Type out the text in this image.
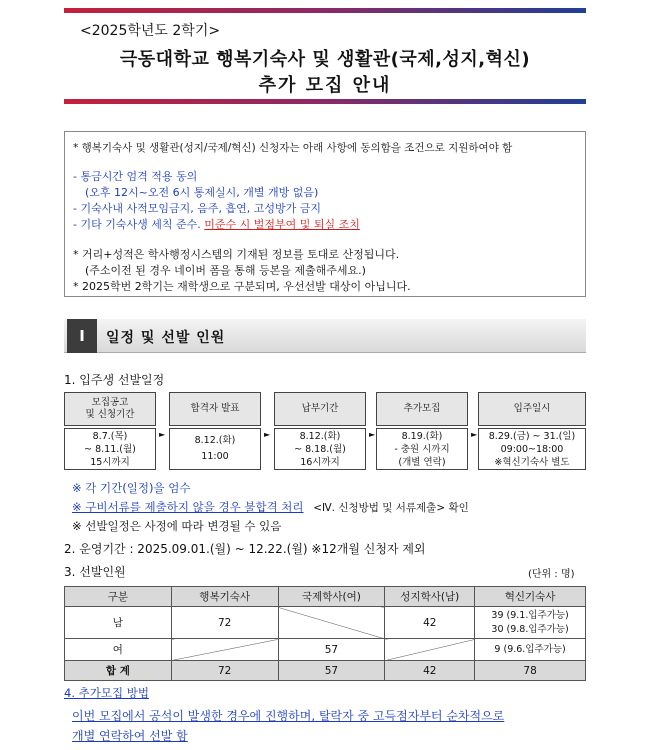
<2025학년도 2학기>
극동대학교 행복기숙사 및 생활관(국제,성지,혁신)
추가 모집 안내
* 행복기숙사 및 생활관(성지/국제/혁신) 신청자는 아래 사항에 동의함을 조건으로 지원하여야 함
- 통금시간 엄격 적용 동의
(오후 12시~오전 6시 통제실시, 개별 개방 없음)
- 기숙사내 사적모임금지, 음주, 흡연, 고성방가 금지
- 기타 기숙사생 세칙 준수. 미준수 시 벌점부여 및 퇴실 조치
* 거리+성적은 학사행정시스템의 기재된 정보를 토대로 산정됩니다.
(주소이전 된 경우 네이버 폼을 통해 등본을 제출해주세요.)
* 2025학번 2학기는 재학생으로 구분되며, 우선선발 대상이 아닙니다.
Ⅰ	일정 및 선발 인원
1. 입주생 선발일정
모집공고
및 신청기간
8.7.(목)
~ 8.11.(월)
15시까지
►
합격자 발표
8.12.(화)
11:00
►
납부기간
8.12.(화)
~ 8.18.(월)
16시까지
►
추가모집
8.19.(화)
- 충원 시까지
(개별 연락)
►
입주일시
8.29.(금) ~ 31.(일)
09:00~18:00
※혁신기숙사 별도
※ 각 기간(일정)을 엄수
※ 구비서류를 제출하지 않을 경우 불합격 처리 <Ⅳ. 신청방법 및 서류제출> 확인
※ 선발일정은 사정에 따라 변경될 수 있음
2. 운영기간 : 2025.09.01.(월) ~ 12.22.(월) ※12개월 신청자 제외
3. 선발인원	(단위 : 명)
구분	행복기숙사	국제학사(여)	성지학사(남)	혁신기숙사
남	72		42	39 (9.1.입주가능)
30 (9.8.입주가능)

여		57		9 (9.6.입주가능)
합 계	72	57	42	78
4. 추가모집 방법
이번 모집에서 공석이 발생한 경우에 진행하며, 탈락자 중 고득점자부터 순차적으로
개별 연락하여 선발 함
